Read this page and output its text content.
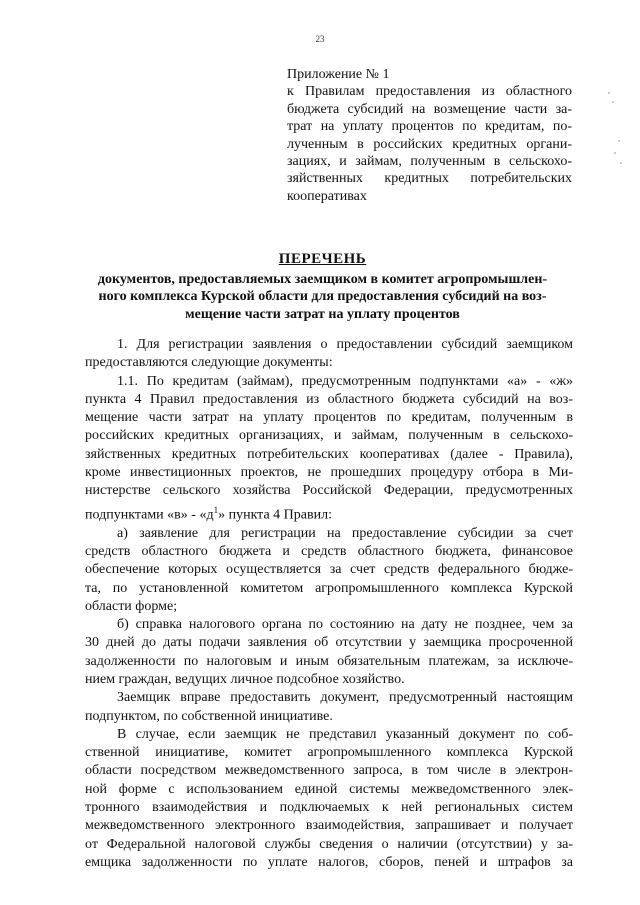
23
Приложение № 1
к Правилам предоставления из областного
бюджета субсидий на возмещение части за-
трат на уплату процентов по кредитам, по-
лученным в российских кредитных органи-
зациях, и займам, полученным в сельскохо-
зяйственных кредитных потребительских
кооперативах
ПЕРЕЧЕНЬ
документов, предоставляемых заемщиком в комитет агропромышлен-
ного комплекса Курской области для предоставления субсидий на воз-
мещение части затрат на уплату процентов
1. Для регистрации заявления о предоставлении субсидий заемщиком
предоставляются следующие документы:
1.1. По кредитам (займам), предусмотренным подпунктами «а» - «ж»
пункта 4 Правил предоставления из областного бюджета субсидий на воз-
мещение части затрат на уплату процентов по кредитам, полученным в
российских кредитных организациях, и займам, полученным в сельскохо-
зяйственных кредитных потребительских кооперативах (далее - Правила),
кроме инвестиционных проектов, не прошедших процедуру отбора в Ми-
нистерстве сельского хозяйства Российской Федерации, предусмотренных
подпунктами «в» - «$д^1$» пункта 4 Правил:
а) заявление для регистрации на предоставление субсидии за счет
средств областного бюджета и средств областного бюджета, финансовое
обеспечение которых осуществляется за счет средств федерального бюдже-
та, по установленной комитетом агропромышленного комплекса Курской
области форме;
б) справка налогового органа по состоянию на дату не позднее, чем за
30 дней до даты подачи заявления об отсутствии у заемщика просроченной
задолженности по налоговым и иным обязательным платежам, за исключе-
нием граждан, ведущих личное подсобное хозяйство.
Заемщик вправе предоставить документ, предусмотренный настоящим
подпунктом, по собственной инициативе.
В случае, если заемщик не представил указанный документ по соб-
ственной инициативе, комитет агропромышленного комплекса Курской
области посредством межведомственного запроса, в том числе в электрон-
ной форме с использованием единой системы межведомственного элек-
тронного взаимодействия и подключаемых к ней региональных систем
межведомственного электронного взаимодействия, запрашивает и получает
от Федеральной налоговой службы сведения о наличии (отсутствии) у за-
емщика задолженности по уплате налогов, сборов, пеней и штрафов за
